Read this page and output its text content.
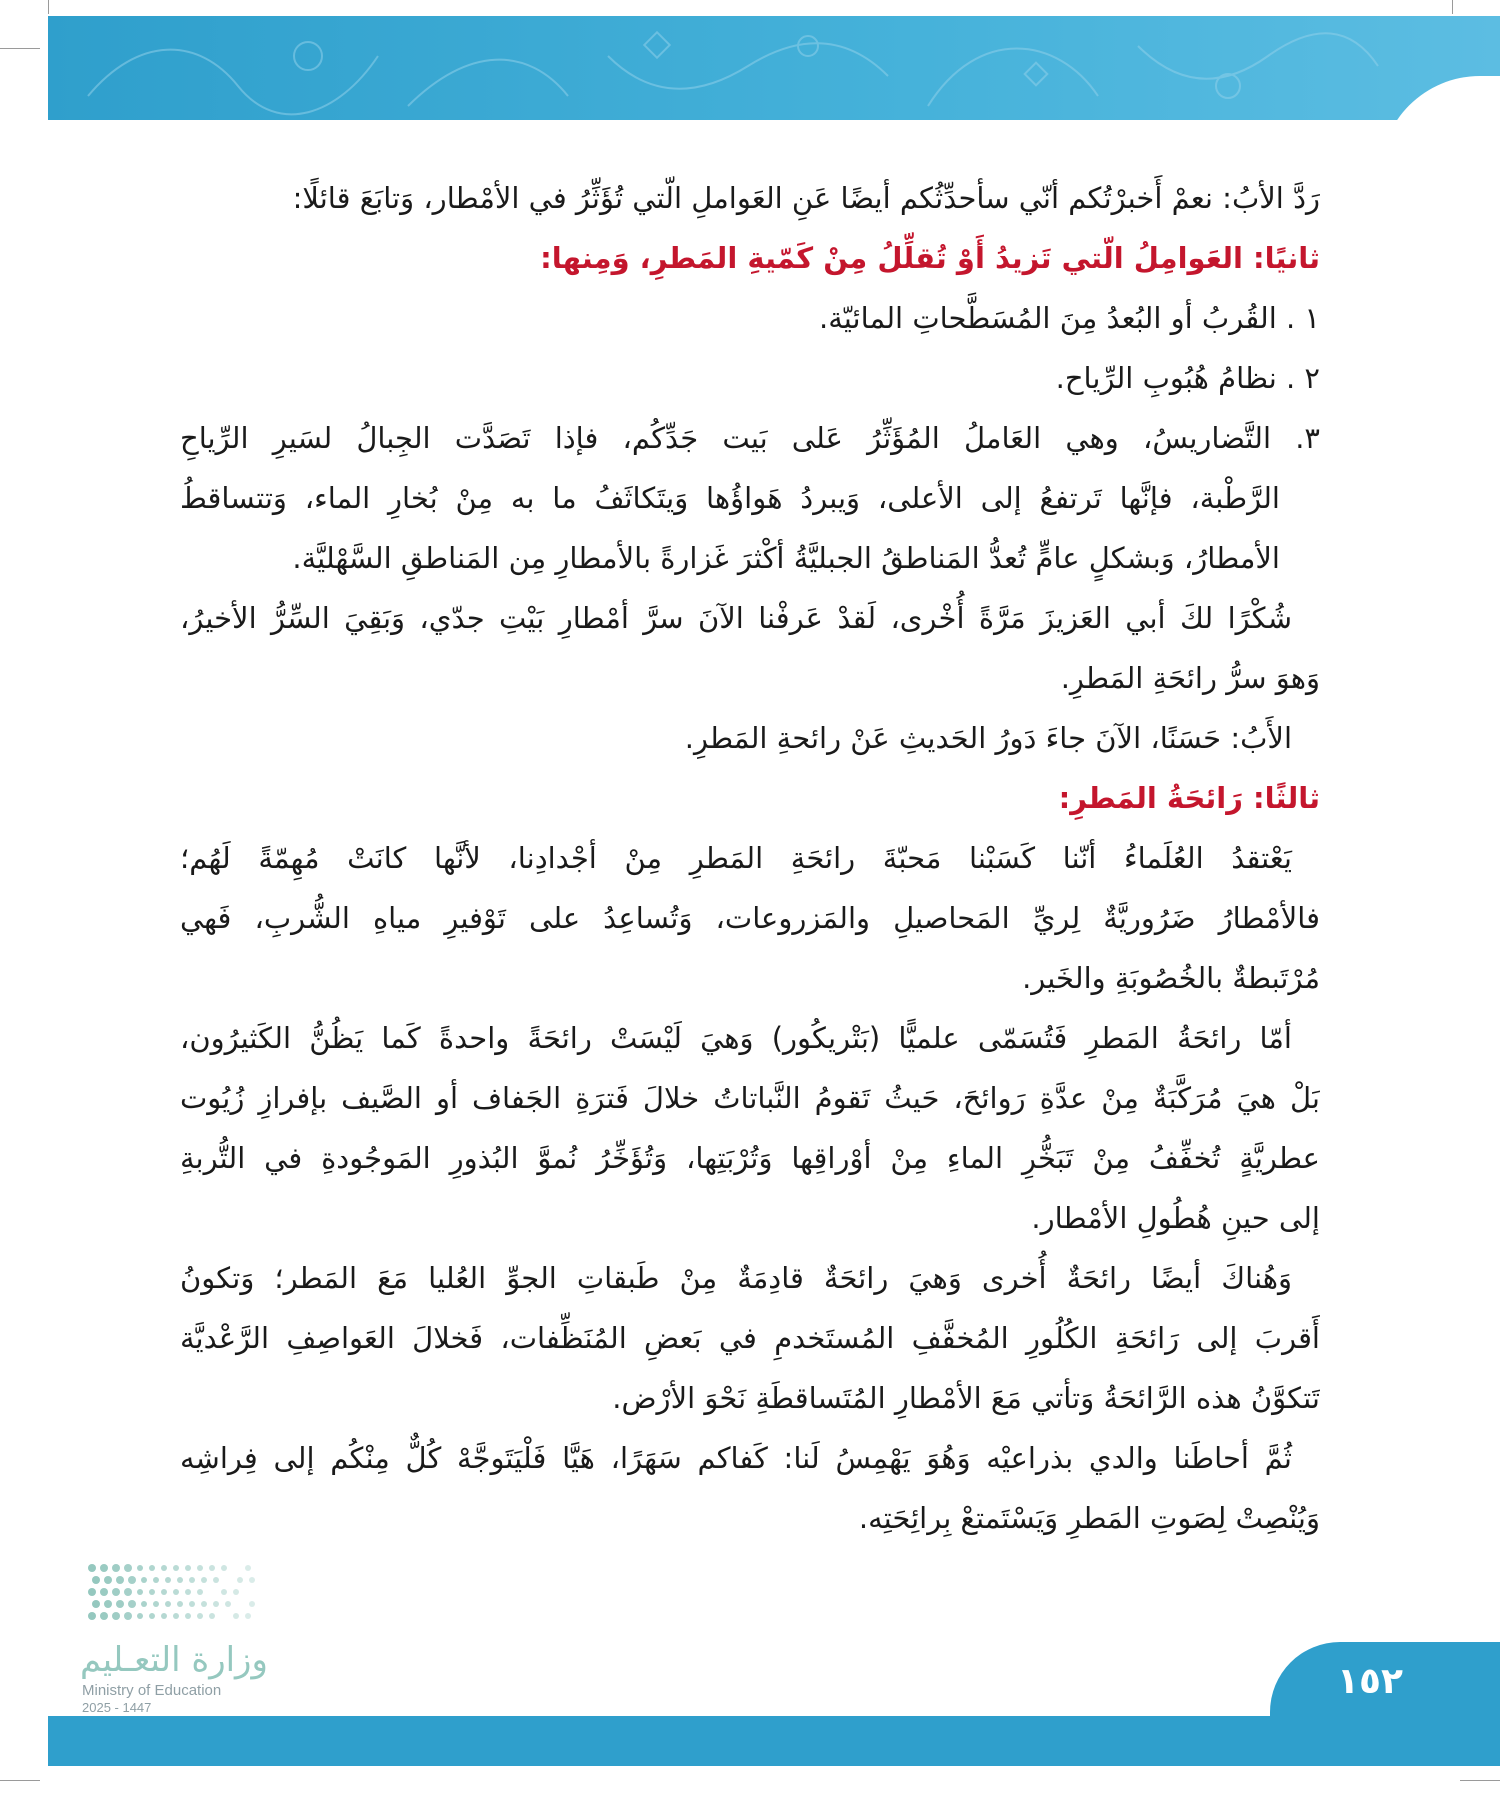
رَدَّ الأبُ: نعمْ أَخبرْتُكم أنّي سأحدِّثُكم أيضًا عَنِ العَواملِ الّتي تُؤَثِّرُ في الأمْطار، وَتابَعَ قائلًا:
ثانيًا: العَوامِلُ الّتي تَزيدُ أَوْ تُقلِّلُ مِنْ كَمّيةِ المَطرِ، وَمِنها:
١ . القُربُ أو البُعدُ مِنَ المُسَطَّحاتِ المائيّة.
٢ . نظامُ هُبُوبِ الرِّياح.
٣. التَّضاريسُ، وهي العَاملُ المُؤَثِّرُ عَلى بَيت جَدِّكُم، فإذا تَصَدَّت الجِبالُ لسَيرِ الرِّياحِ
الرَّطْبة، فإنَّها تَرتفعُ إلى الأعلى، وَيبردُ هَواؤُها وَيتَكاثَفُ ما به مِنْ بُخارِ الماء، وَتتساقطُ
الأمطارُ، وَبشكلٍ عامٍّ تُعدُّ المَناطقُ الجبليَّةُ أكْثرَ غَزارةً بالأمطارِ مِن المَناطقِ السَّهْليَّة.
شُكْرًا لكَ أبي العَزيزَ مَرَّةً أُخْرى، لَقدْ عَرفْنا الآنَ سرَّ أمْطارِ بَيْتِ جدّي، وَبَقِيَ السِّرُّ الأخيرُ،
وَهوَ سرُّ رائحَةِ المَطرِ.
الأَبُ: حَسَنًا، الآنَ جاءَ دَورُ الحَديثِ عَنْ رائحةِ المَطرِ.
ثالثًا: رَائحَةُ المَطرِ:
يَعْتقدُ العُلَماءُ أنّنا كَسَبْنا مَحبّةَ رائحَةِ المَطرِ مِنْ أجْدادِنا، لأنَّها كانَتْ مُهِمّةً لَهُم؛
فالأمْطارُ ضَرُوريَّةٌ لِريِّ المَحاصيلِ والمَزروعات، وَتُساعِدُ على تَوْفيرِ مياهِ الشُّربِ، فَهي
مُرْتَبطةٌ بالخُصُوبَةِ والخَير.
أمّا رائحَةُ المَطرِ فَتُسَمّى علميًّا (بَتْريكُور) وَهيَ لَيْسَتْ رائحَةً واحدةً كَما يَظُنُّ الكَثيرُون،
بَلْ هيَ مُرَكَّبَةٌ مِنْ عدَّةِ رَوائحَ، حَيثُ تَقومُ النَّباتاتُ خلالَ فَترَةِ الجَفاف أو الصَّيف بإفرازِ زُيُوت
عطريَّةٍ تُخفِّفُ مِنْ تَبَخُّرِ الماءِ مِنْ أوْراقِها وَتُرْبَتِها، وَتُؤَخِّرُ نُموَّ البُذورِ المَوجُودةِ في التُّربةِ
إلى حينِ هُطُولِ الأمْطار.
وَهُناكَ أيضًا رائحَةٌ أُخرى وَهيَ رائحَةٌ قادِمَةٌ مِنْ طَبقاتِ الجوِّ العُليا مَعَ المَطر؛ وَتكونُ
أَقربَ إلى رَائحَةِ الكُلُورِ المُخفَّفِ المُستَخدمِ في بَعضِ المُنَظِّفات، فَخلالَ العَواصِفِ الرَّعْديَّة
تَتكوَّنُ هذه الرَّائحَةُ وَتأتي مَعَ الأمْطارِ المُتَساقطَةِ نَحْوَ الأرْض.
ثُمَّ أحاطَنا والدي بذراعيْه وَهُوَ يَهْمِسُ لَنا: كَفاكم سَهَرًا، هَيَّا فَلْيَتَوجَّهْ كُلٌّ مِنْكُم إلى فِراشِه
وَيُنْصِتْ لِصَوتِ المَطرِ وَيَسْتَمتعْ بِرائِحَتِه.
وزارة التعـليم
Ministry of Education
2025 - 1447
١٥٢
